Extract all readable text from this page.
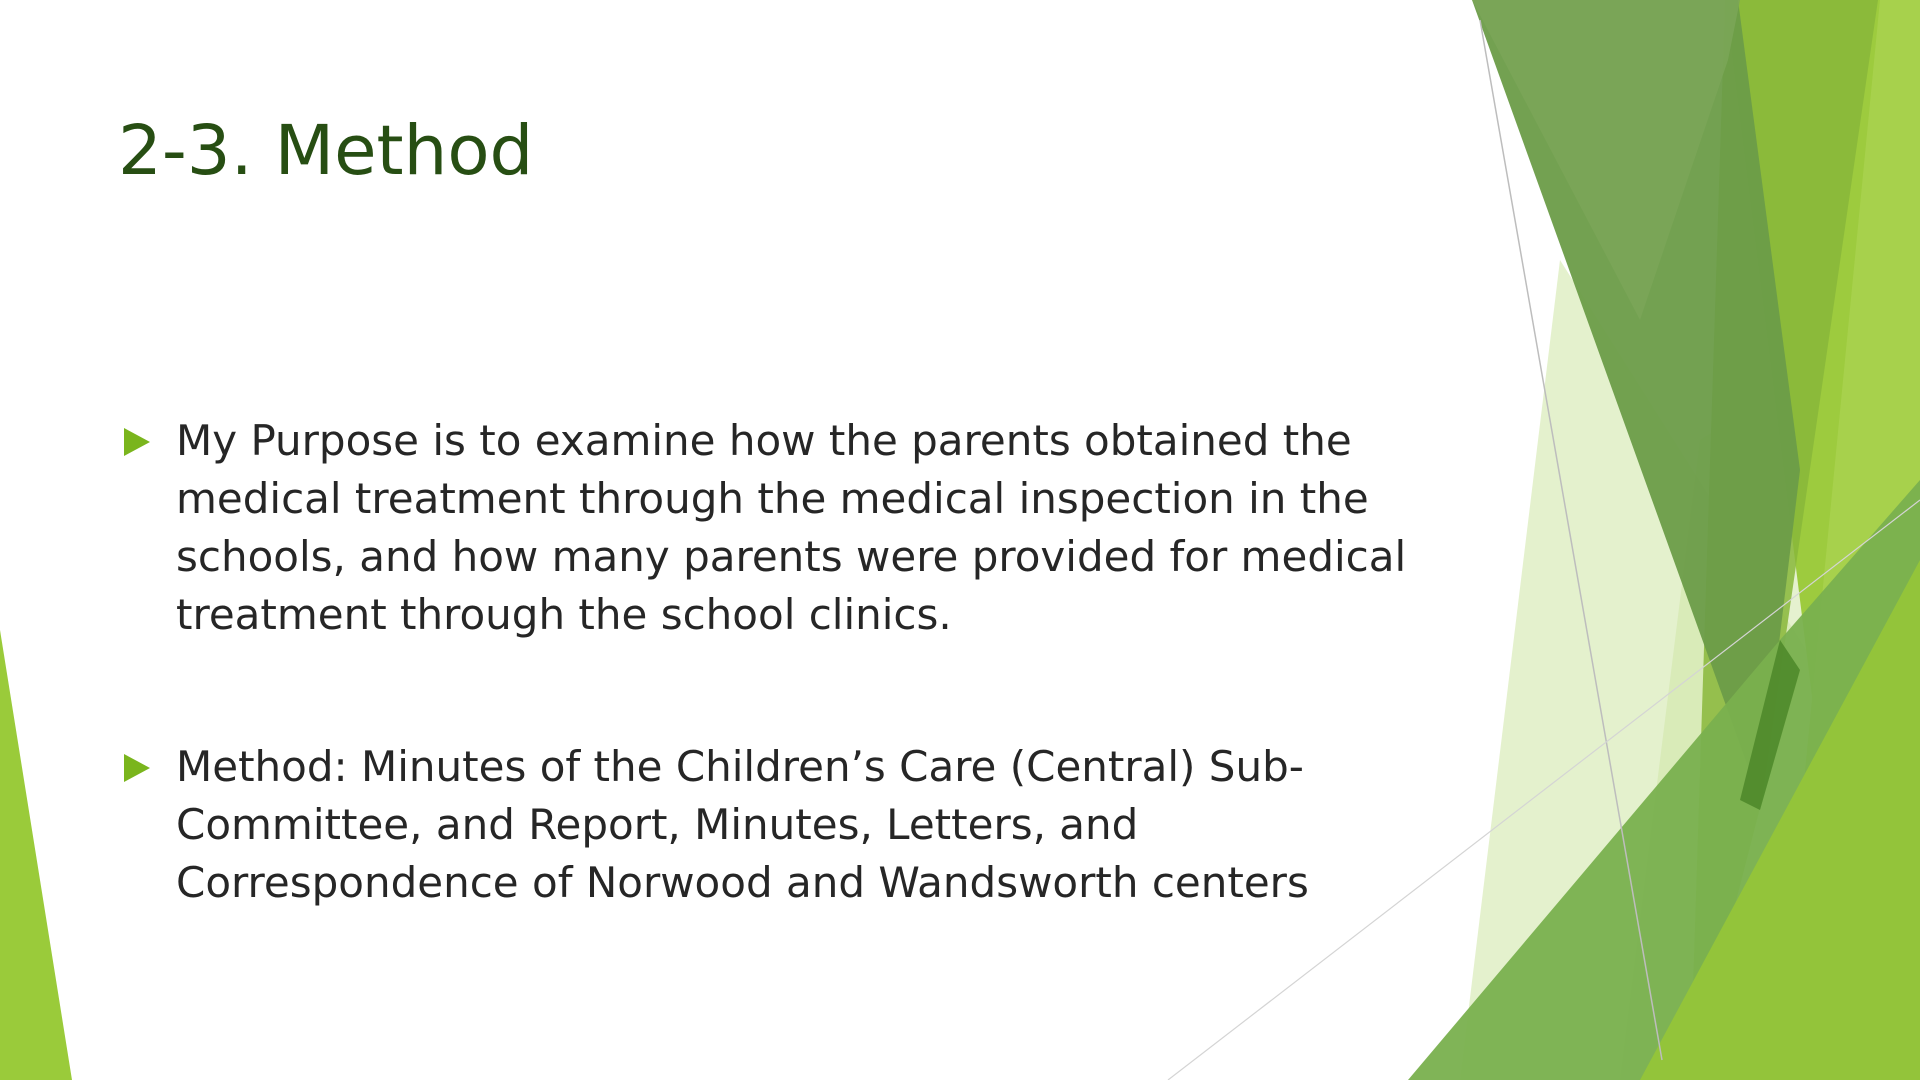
2-3. Method
My Purpose is to examine how the parents obtained the medical treatment through the medical inspection in the schools, and how many parents were provided for medical treatment through the school clinics.
Method: Minutes of the Children’s Care (Central) Sub-Committee, and Report, Minutes, Letters, and Correspondence of Norwood and Wandsworth centers
